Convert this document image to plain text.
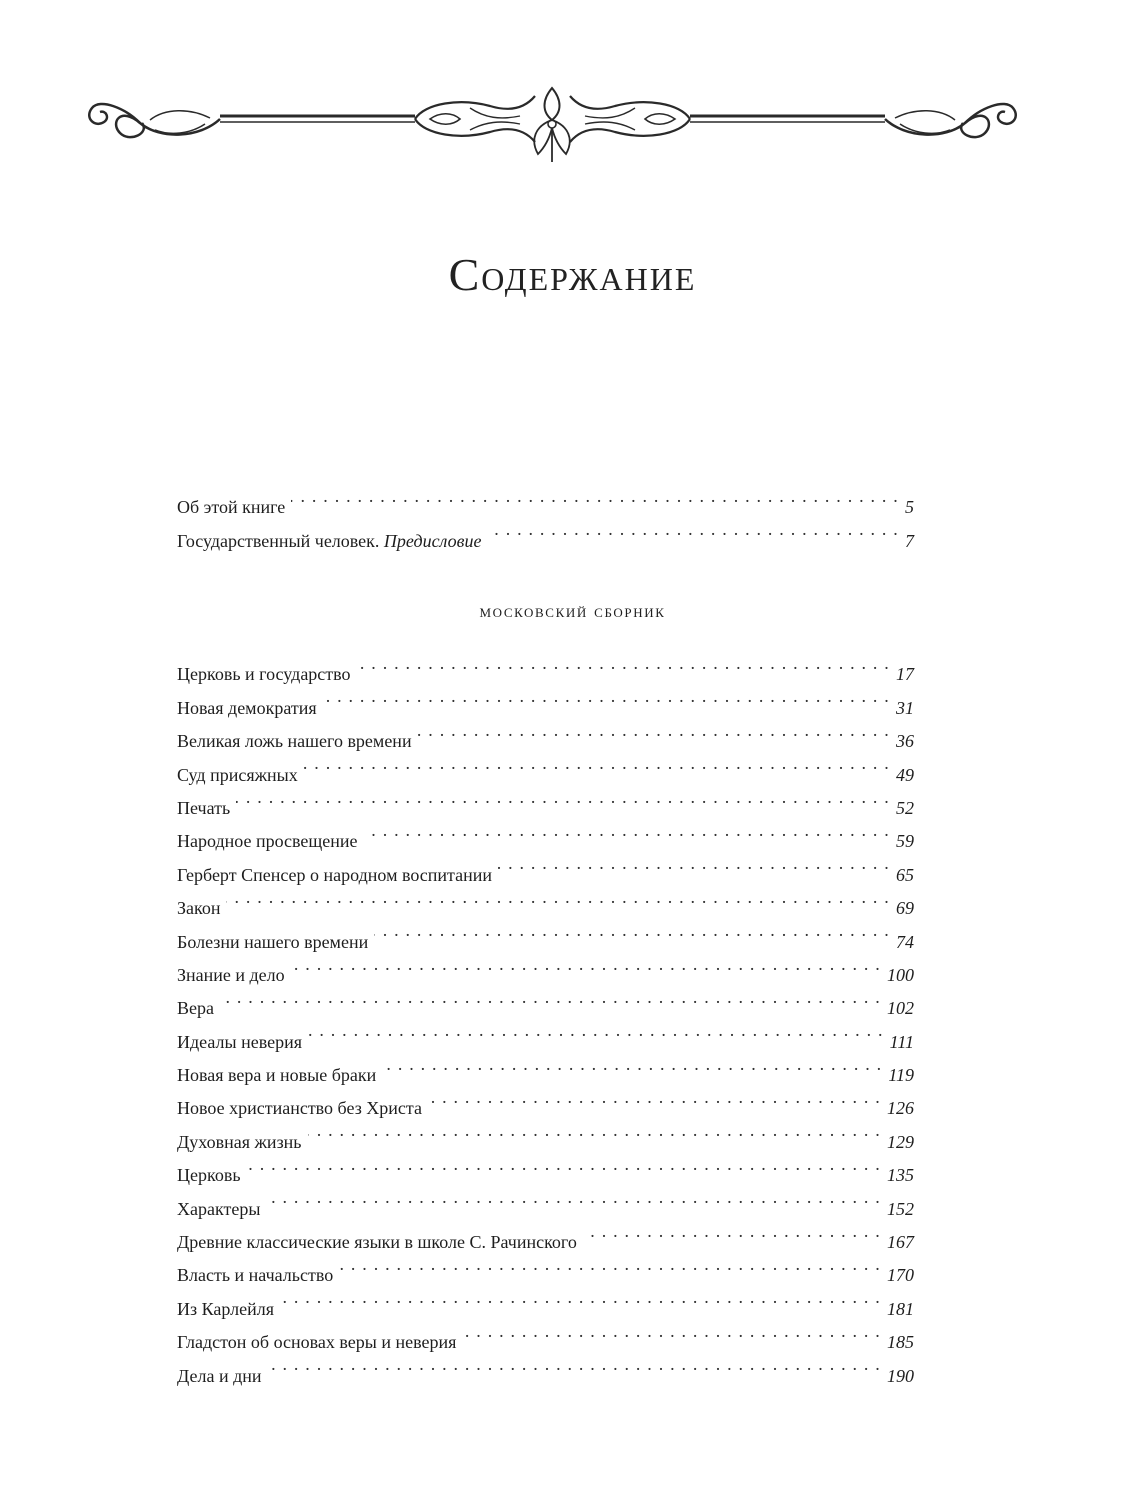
Содержание
Об этой книге . . .	5
Государственный человек. Предисловие . . .	7
московский сборник
Церковь и государство . . .	17
Новая демократия . . .	31
Великая ложь нашего времени . . .	36
Суд присяжных . . .	49
Печать . . .	52
Народное просвещение . . .	59
Герберт Спенсер о народном воспитании . . .	65
Закон . . .	69
Болезни нашего времени . . .	74
Знание и дело . . .	100
Вера . . .	102
Идеалы неверия . . .	111
Новая вера и новые браки . . .	119
Новое христианство без Христа . . .	126
Духовная жизнь . . .	129
Церковь . . .	135
Характеры . . .	152
Древние классические языки в школе С. Рачинского . . .	167
Власть и начальство . . .	170
Из Карлейля . . .	181
Гладстон об основах веры и неверия . . .	185
Дела и дни . . .	190
